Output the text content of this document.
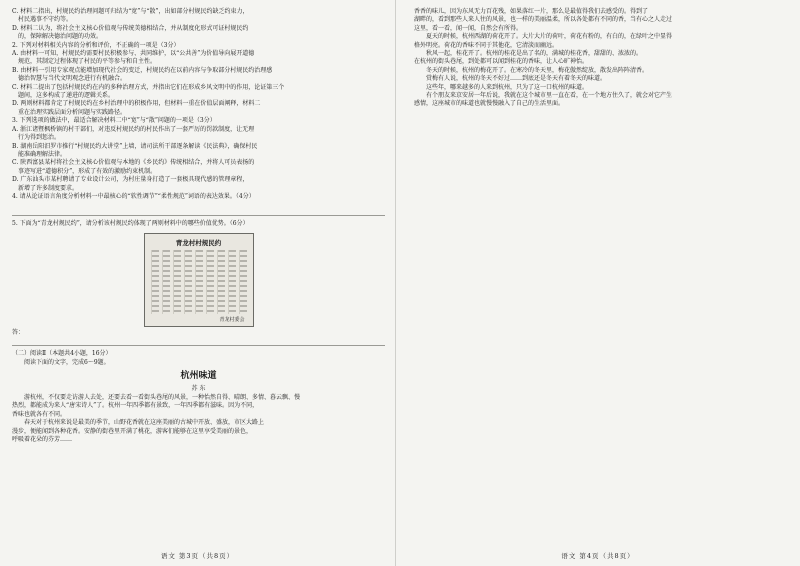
C. 材料二指出，村规民约治理问题可归结为“宽”与“散”，出如部分村规民约缺乏约束力，

村民遇事不守约等。

D. 材料二认为，将社会主义核心价值观与传统美德相结合，并从制度化形式可证村规民约

的，保障解决德治问题的功效。

2. 下列对材料相关内容的分析和评价，不正确的一项是（3分）

A. 由材料一可知，村规民约需要村民积极参与、共同维护，以“公共善”为价值导向展开道德

规范，其制定过程体现了村民的平等参与和自主性。

B. 由材料一引用专家观点能增加现代社会的变迁，村规民约在以前内容与争取部分村规民约治理感

德治智慧与当代文明观念进行有机融合。

C. 材料二提出了包括村规民约在内的多种治理方式，并指出它们在形成乡风文明中的作用，论证第三个

题间，这多构成了递进的逻辑关系。

D. 两则材料都肯定了村规民约在乡村治理中的积极作用，但材料一重在价值层面阐释，材料二

重在治理实践层面分析问题与实践路径。

3. 下列选项的做法中，最适合解决材料二中“宽”与“散”问题的一项是（3分）

A. 浙江诸暨枫桥镇的村干部们，对违反村规民约的村民作出了一套严厉的罚款制度，让无理

行为得到惩治。

B. 湖南岳阳汨罗市推行“村规民约大讲堂”上墙，请司法所干部逐条解读《民法典》，确保村民

能准确理解法律。

C. 陕西富县某村将社会主义核心价值观与本地的《乡民约》传统相结合，并将人可员表扬的

事迹写进“道德积分”，形成了有效的激励约束机制。

D. 广东汕头市某村聘请了专业设计公司，为村庄量身打造了一套极具现代感的管理章程，

新增了许多制度要求。

4. 请从论证语言角度分析材料一中最核心的“软性调节”“柔性规范”词语的表达效果。（4分）

5. 下面为“青龙村规民约”，请分析该村规民约体现了两则材料中的哪些价值优势。（6分）

青龙村村规民约
青龙村委会

答：

（二）阅读Ⅱ（本题共4小题，16分）

阅读下面的文字，完成6～9题。

杭州味道
苏 东

游杭州，不仅要走访游人去处，还要去看一看街头巷尾的风景，一种怡然自得、晴朗、多情、暮云飘、慢

热烈，都能成为来人“唐宋诗人”了。杭州一年四季都有景致，一年四季都有滋味。因为不同，

香味也就各有不同。

春天对于杭州来说是最美的季节，山野花香就在这座美丽的古城中开放、盛放，市区大路上

漫步，便能闻到各种花香。安静的街巷里开满了桃花，游客们能够在这里享受美丽的景色，

呼吸着花朵的芬芳……

语文 第3页（共8页）

香香的味儿，因为东风无力百花残，如果落红一片，那么是最值得我们去感受的。得到了

湖畔的，看到那些人来人往的风景，也一样的美丽温柔，所以各处都有不同的香，当有心之人走过

这里，看一看，闻一闻，自然会有所得。

夏天的时候，杭州西湖的荷花开了。大片大片的荷叶，荷花有粉的，有白的，在绿叶之中显得

格外明亮。荷花的香味不同于其他花，它清淡而幽远。

秋风一起，桂花开了。杭州的桂花是出了名的，满城的桂花香，甜甜的、浓浓的。

在杭州的街头巷尾，到处都可以闻到桂花的香味，让人心旷神怡。

冬天的时候，杭州的梅花开了。在寒冷的冬天里，梅花傲然绽放，散发出阵阵清香。

赏梅有人说，杭州的冬天不好过……到底还是冬天有着冬天的味道。

这些年，哪来越多的人来到杭州，只为了这一口杭州的味道。

有个朋友来京安居一年后说，我就在这个城市里一直在看，在一个地方住久了，就会对它产生

感情，这座城市的味道也就慢慢融入了自己的生活里面。

语文 第4页（共8页）
